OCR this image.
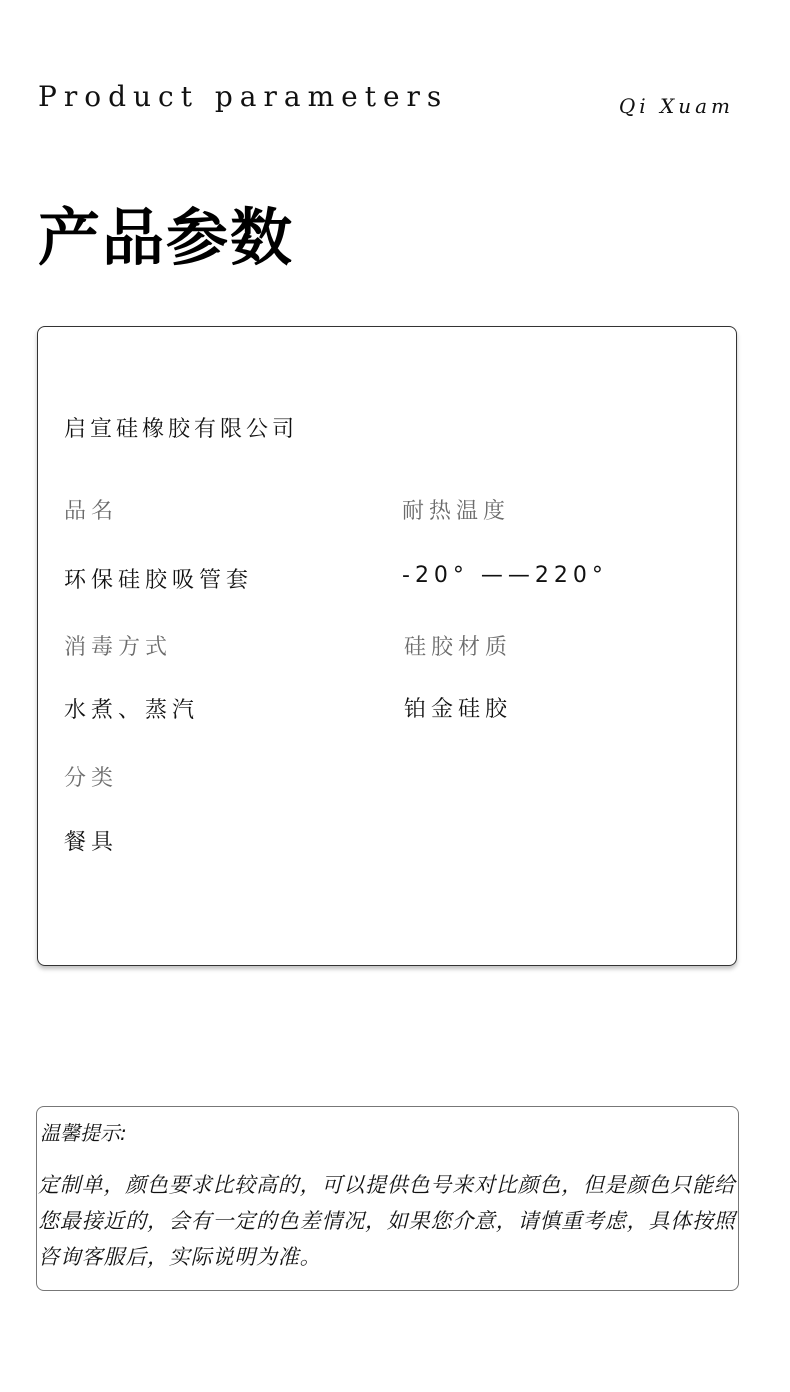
Product parameters	Qi Xuam
产品参数
启宣硅橡胶有限公司
品名	耐热温度
环保硅胶吸管套	-20° ——220°
消毒方式	硅胶材质
水煮、蒸汽	铂金硅胶
分类
餐具
温馨提示:
定制单，颜色要求比较高的，可以提供色号来对比颜色，但是颜色只能给您最接近的，会有一定的色差情况，如果您介意，请慎重考虑，具体按照咨询客服后，实际说明为准。
